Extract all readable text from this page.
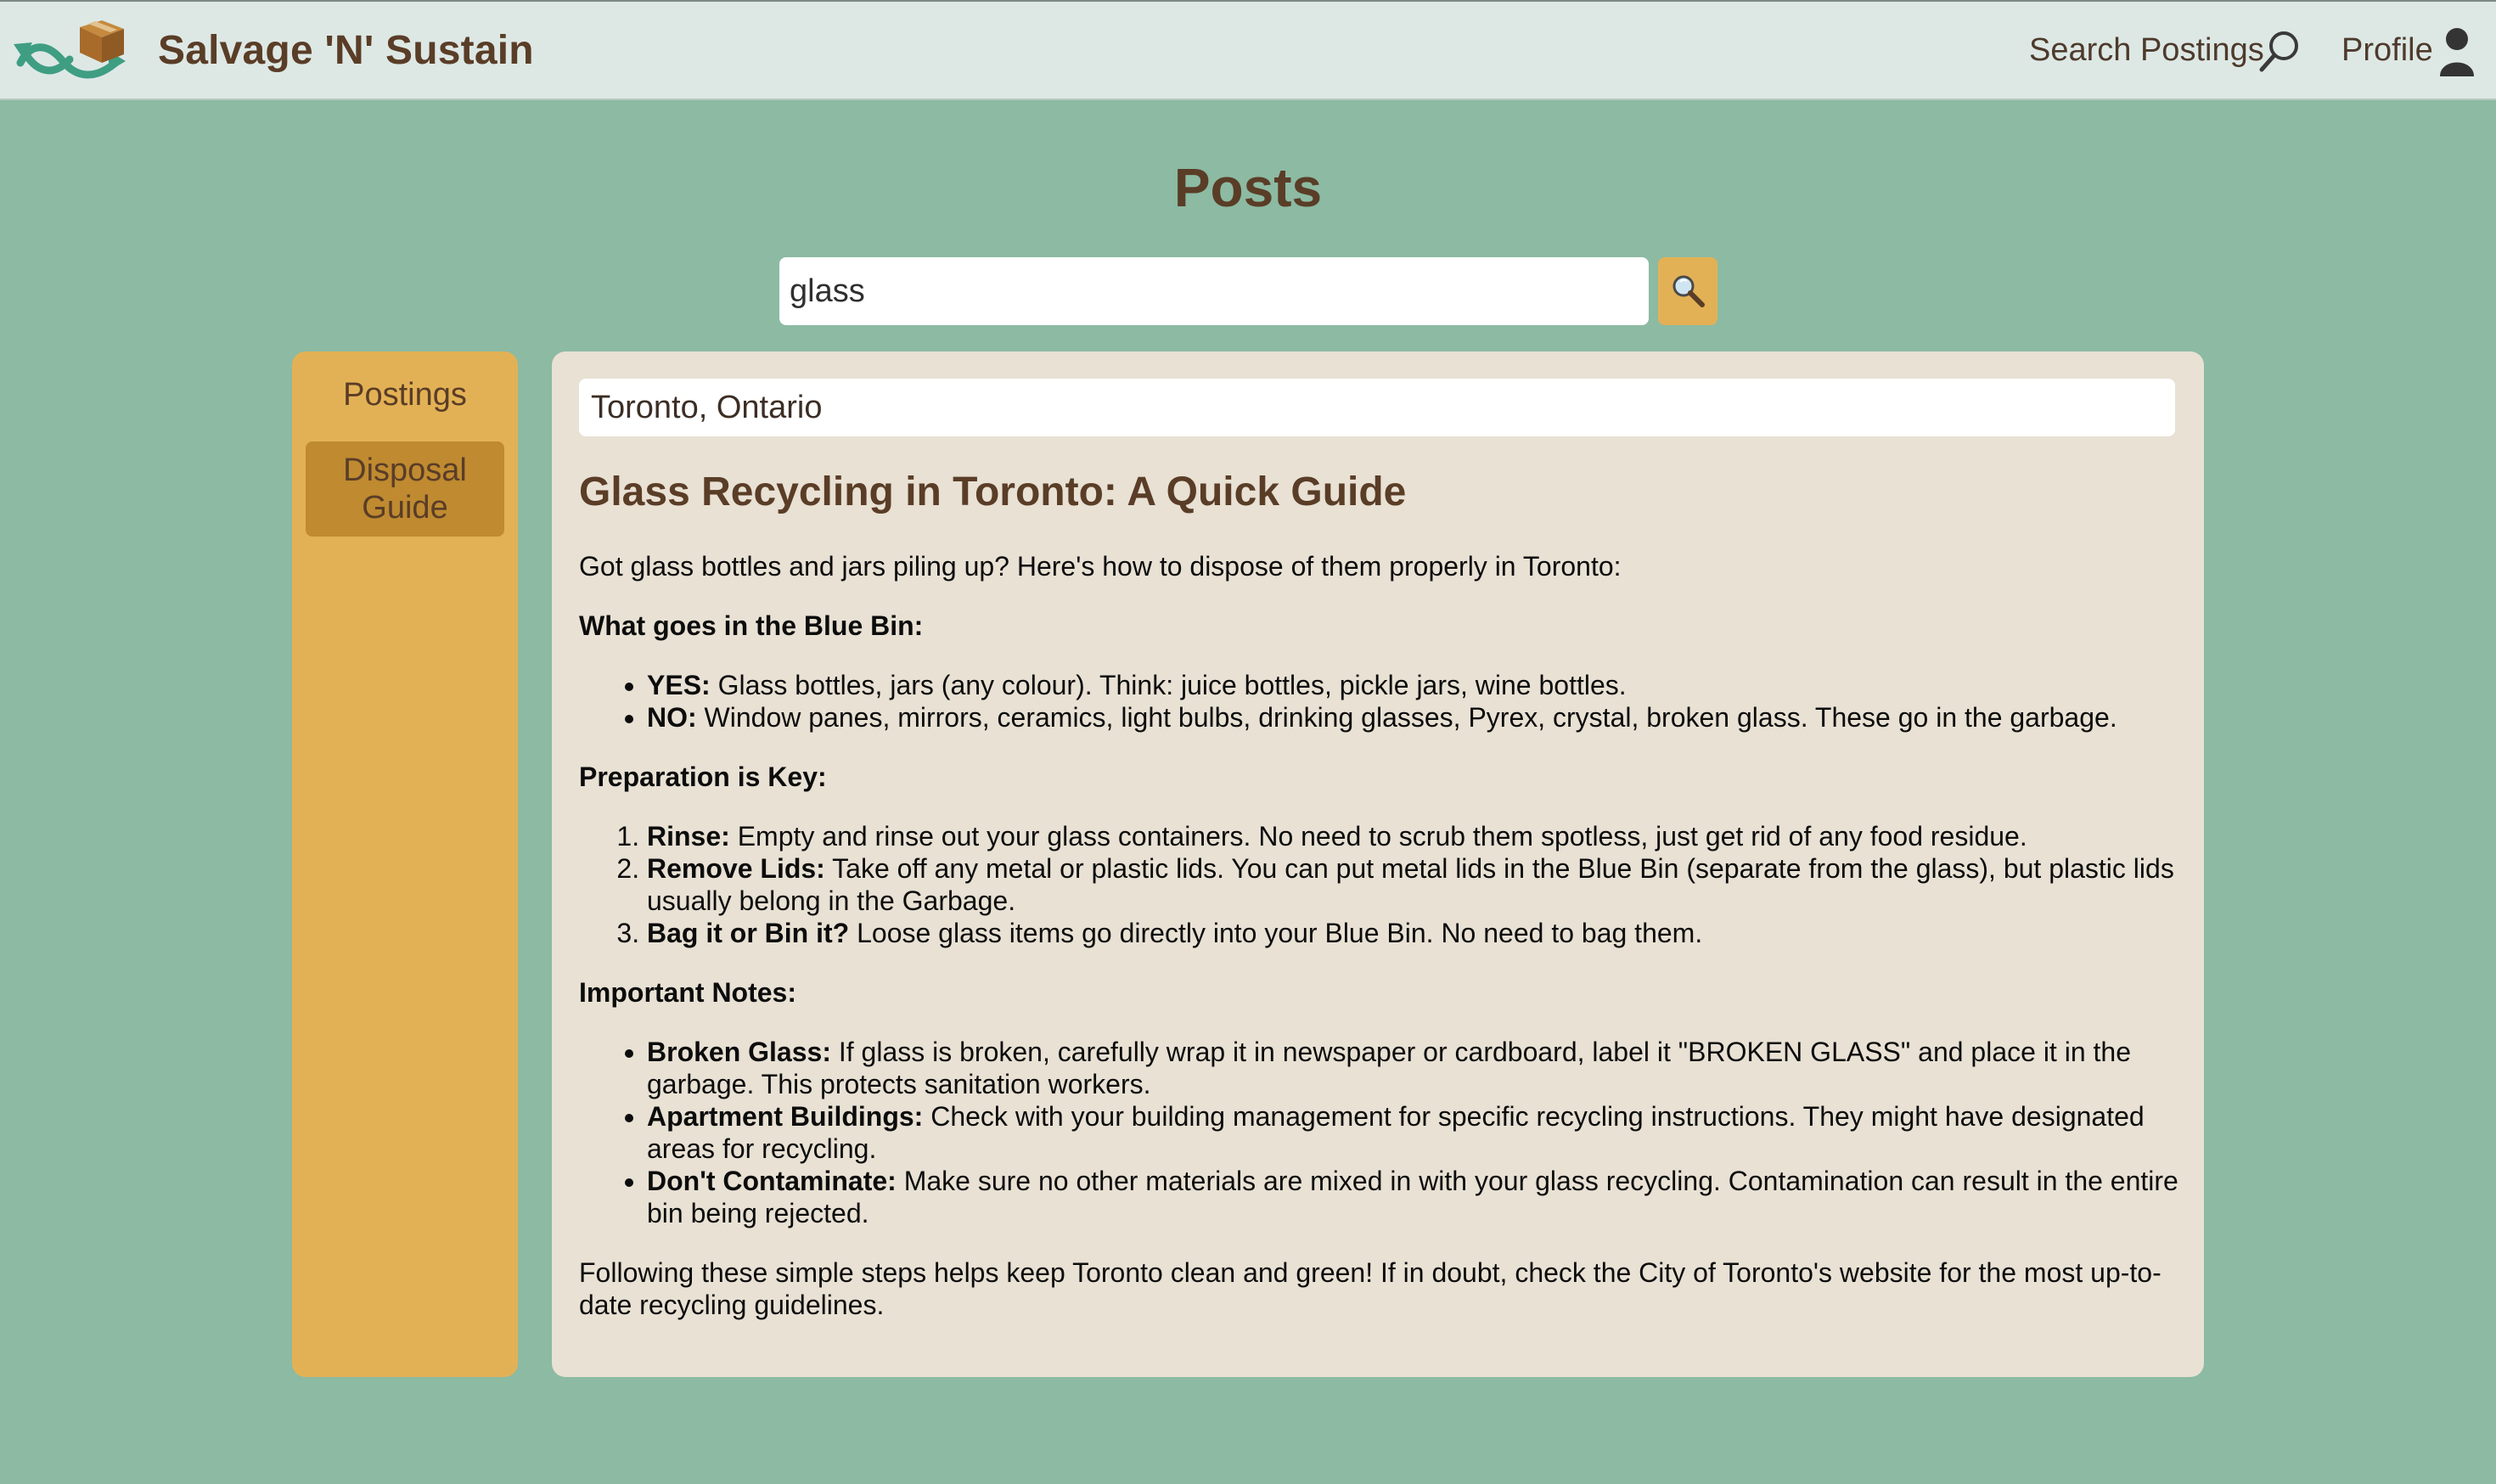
Salvage 'N' Sustain	Search Postings Profile
Posts
glass
Postings
Disposal Guide
Toronto, Ontario
Glass Recycling in Toronto: A Quick Guide

Got glass bottles and jars piling up? Here's how to dispose of them properly in Toronto:

What goes in the Blue Bin:
• YES: Glass bottles, jars (any colour). Think: juice bottles, pickle jars, wine bottles.
• NO: Window panes, mirrors, ceramics, light bulbs, drinking glasses, Pyrex, crystal, broken glass. These go in the garbage.
Preparation is Key:
1. Rinse: Empty and rinse out your glass containers. No need to scrub them spotless, just get rid of any food residue.
2. Remove Lids: Take off any metal or plastic lids. You can put metal lids in the Blue Bin (separate from the glass), but plastic lids usually belong in the Garbage.
3. Bag it or Bin it? Loose glass items go directly into your Blue Bin. No need to bag them.
Important Notes:
• Broken Glass: If glass is broken, carefully wrap it in newspaper or cardboard, label it "BROKEN GLASS" and place it in the garbage. This protects sanitation workers.
• Apartment Buildings: Check with your building management for specific recycling instructions. They might have designated areas for recycling.
• Don't Contaminate: Make sure no other materials are mixed in with your glass recycling. Contamination can result in the entire bin being rejected.

Following these simple steps helps keep Toronto clean and green! If in doubt, check the City of Toronto's website for the most up-to-date recycling guidelines.
